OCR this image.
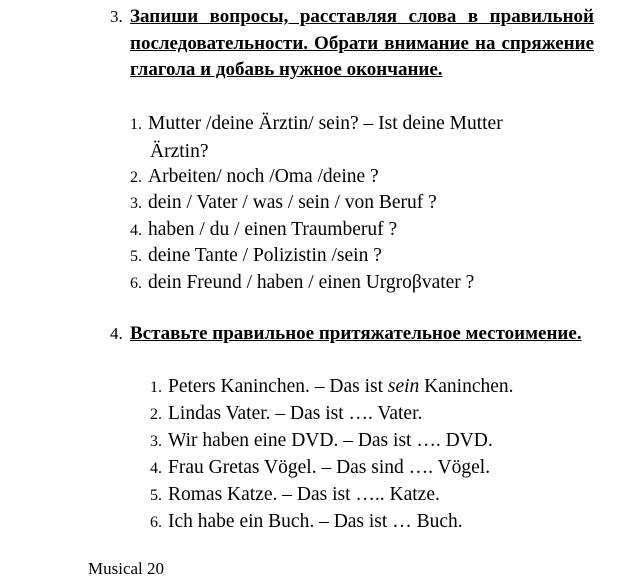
3. Запиши вопросы, расставляя слова в правильной последовательности. Обрати внимание на спряжение глагола и добавь нужное окончание.
1. Mutter /deine Ärztin/ sein? – Ist deine Mutter
Ärztin?
2. Arbeiten/ noch /Oma /deine ?
3. dein / Vater / was / sein / von Beruf ?
4. haben / du / einen Traumberuf ?
5. deine Tante / Polizistin /sein ?
6. dein Freund / haben / einen Urgroβvater ?
4. Вставьте правильное притяжательное местоимение.
1. Peters Kaninchen. – Das ist sein Kaninchen.
2. Lindas Vater. – Das ist …. Vater.
3. Wir haben eine DVD. – Das ist …. DVD.
4. Frau Gretas Vögel. – Das sind …. Vögel.
5. Romas Katze. – Das ist ….. Katze.
6. Ich habe ein Buch. – Das ist … Buch.
Musical 20
